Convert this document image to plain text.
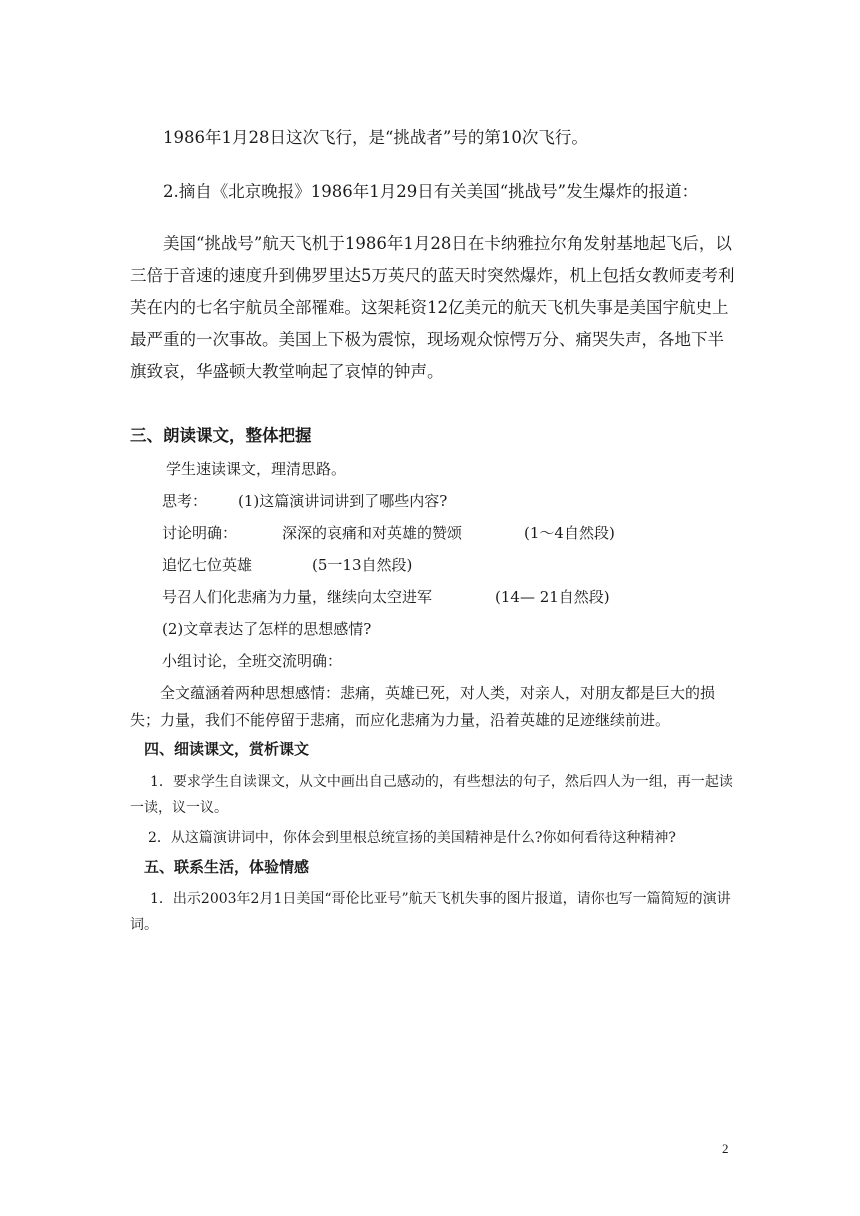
1986年1月28日这次飞行，是“挑战者”号的第10次飞行。

2.摘自《北京晚报》1986年1月29日有关美国“挑战号”发生爆炸的报道：

美国“挑战号”航天飞机于1986年1月28日在卡纳雅拉尔角发射基地起飞后，以三倍于音速的速度升到佛罗里达5万英尺的蓝天时突然爆炸，机上包括女教师麦考利芙在内的七名宇航员全部罹难。这架耗资12亿美元的航天飞机失事是美国宇航史上最严重的一次事故。美国上下极为震惊，现场观众惊愕万分、痛哭失声，各地下半旗致哀，华盛顿大教堂响起了哀悼的钟声。

三、朗读课文，整体把握

学生速读课文，理清思路。

思考： (1)这篇演讲词讲到了哪些内容?

讨论明确：	深深的哀痛和对英雄的赞颂	(1～4自然段)

追忆七位英雄	(5一13自然段)

号召人们化悲痛为力量，继续向太空进军	(14— 21自然段)

(2)文章表达了怎样的思想感情?

小组讨论，全班交流明确：

全文蕴涵着两种思想感情：悲痛，英雄已死，对人类，对亲人，对朋友都是巨大的损失；力量，我们不能停留于悲痛，而应化悲痛为力量，沿着英雄的足迹继续前进。

四、细读课文，赏析课文

1．要求学生自读课文，从文中画出自己感动的，有些想法的句子，然后四人为一组，再一起读一读，议一议。

2．从这篇演讲词中，你体会到里根总统宣扬的美国精神是什么?你如何看待这种精神?

五、联系生活，体验情感

1．出示2003年2月1日美国“哥伦比亚号”航天飞机失事的图片报道，请你也写一篇简短的演讲词。

2
